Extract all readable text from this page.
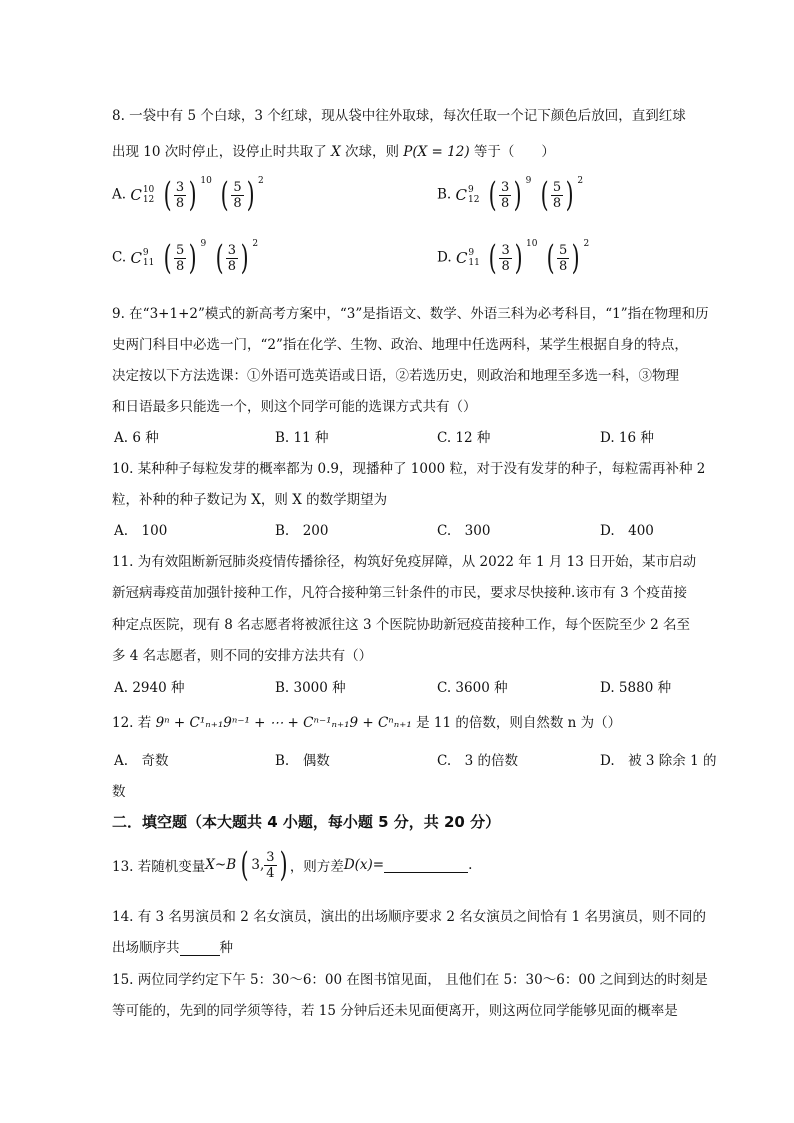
8. 一袋中有 5 个白球，3 个红球，现从袋中往外取球，每次任取一个记下颜色后放回，直到红球
出现 10 次时停止，设停止时共取了 X 次球，则 P(X = 12) 等于（　　）
A. C 10
12
( $\frac{3}{8}$ ) $^{10}$ ( $\frac{5}{8}$ ) $^2$
B. C 9
12
( $\frac{3}{8}$ ) $^9$ ( $\frac{5}{8}$ ) $^2$
C. C 9
11
( $\frac{5}{8}$ ) $^9$ ( $\frac{3}{8}$ ) $^2$
D. C 9
11
( $\frac{3}{8}$ ) $^{10}$ ( $\frac{5}{8}$ ) $^2$
9. 在“3+1+2”模式的新高考方案中，“3”是指语文、数学、外语三科为必考科目，“1”指在物理和历
史两门科目中必选一门，“2”指在化学、生物、政治、地理中任选两科，某学生根据自身的特点，
决定按以下方法选课：①外语可选英语或日语，②若选历史，则政治和地理至多选一科，③物理
和日语最多只能选一个，则这个同学可能的选课方式共有（）
A. 6 种	B. 11 种	C. 12 种	D. 16 种
10. 某种种子每粒发芽的概率都为 0.9，现播种了 1000 粒，对于没有发芽的种子，每粒需再补种 2
粒，补种的种子数记为 X，则 X 的数学期望为
A.　100	B.　200	C.　300	D.　400
11. 为有效阻断新冠肺炎疫情传播徐径，构筑好免疫屏障，从 2022 年 1 月 13 日开始，某市启动
新冠病毒疫苗加强针接种工作，凡符合接种第三针条件的市民，要求尽快接种.该市有 3 个疫苗接
种定点医院，现有 8 名志愿者将被派往这 3 个医院协助新冠疫苗接种工作，每个医院至少 2 名至
多 4 名志愿者，则不同的安排方法共有（）
A. 2940 种	B. 3000 种	C. 3600 种	D. 5880 种
12. 若 9ⁿ + C¹ₙ₊₁9ⁿ⁻¹ + ⋯ + Cⁿ⁻¹ₙ₊₁9 + Cⁿₙ₊₁ 是 11 的倍数，则自然数 n 为（）
A.　奇数	B.　偶数	C.　3 的倍数	D.　被 3 除余 1 的
数
二．填空题（本大题共 4 小题，每小题 5 分，共 20 分）
13. 若随机变量 X~B ( 3 , $\frac{3}{4}$ ) ，则方差 D(x) =	.
14. 有 3 名男演员和 2 名女演员，演出的出场顺序要求 2 名女演员之间恰有 1 名男演员，则不同的
出场顺序共	种
15. 两位同学约定下午 5：30～6：00 在图书馆见面， 且他们在 5：30～6：00 之间到达的时刻是
等可能的，先到的同学须等待，若 15 分钟后还未见面便离开，则这两位同学能够见面的概率是
